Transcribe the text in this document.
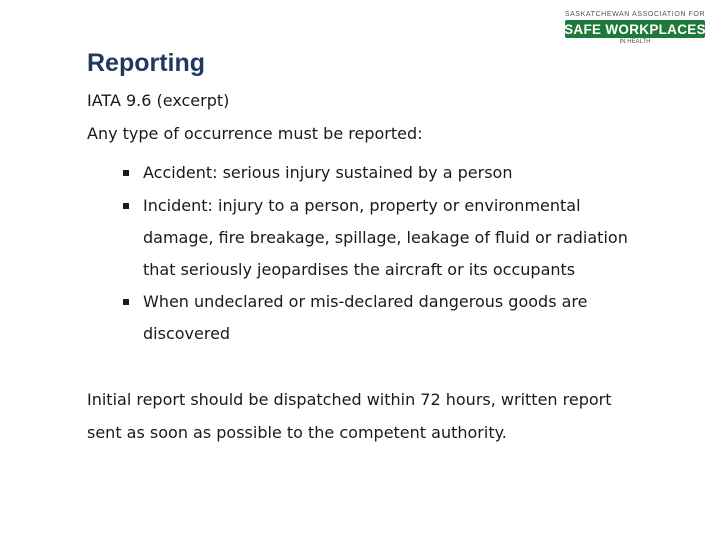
SASKATCHEWAN ASSOCIATION FOR
SAFE WORKPLACES
IN HEALTH
Reporting
IATA 9.6 (excerpt)
Any type of occurrence must be reported:
Accident: serious injury sustained by a person
Incident: injury to a person, property or environmental
damage, fire breakage, spillage, leakage of fluid or radiation
that seriously jeopardises the aircraft or its occupants
When undeclared or mis-declared dangerous goods are
discovered
Initial report should be dispatched within 72 hours, written report
sent as soon as possible to the competent authority.
